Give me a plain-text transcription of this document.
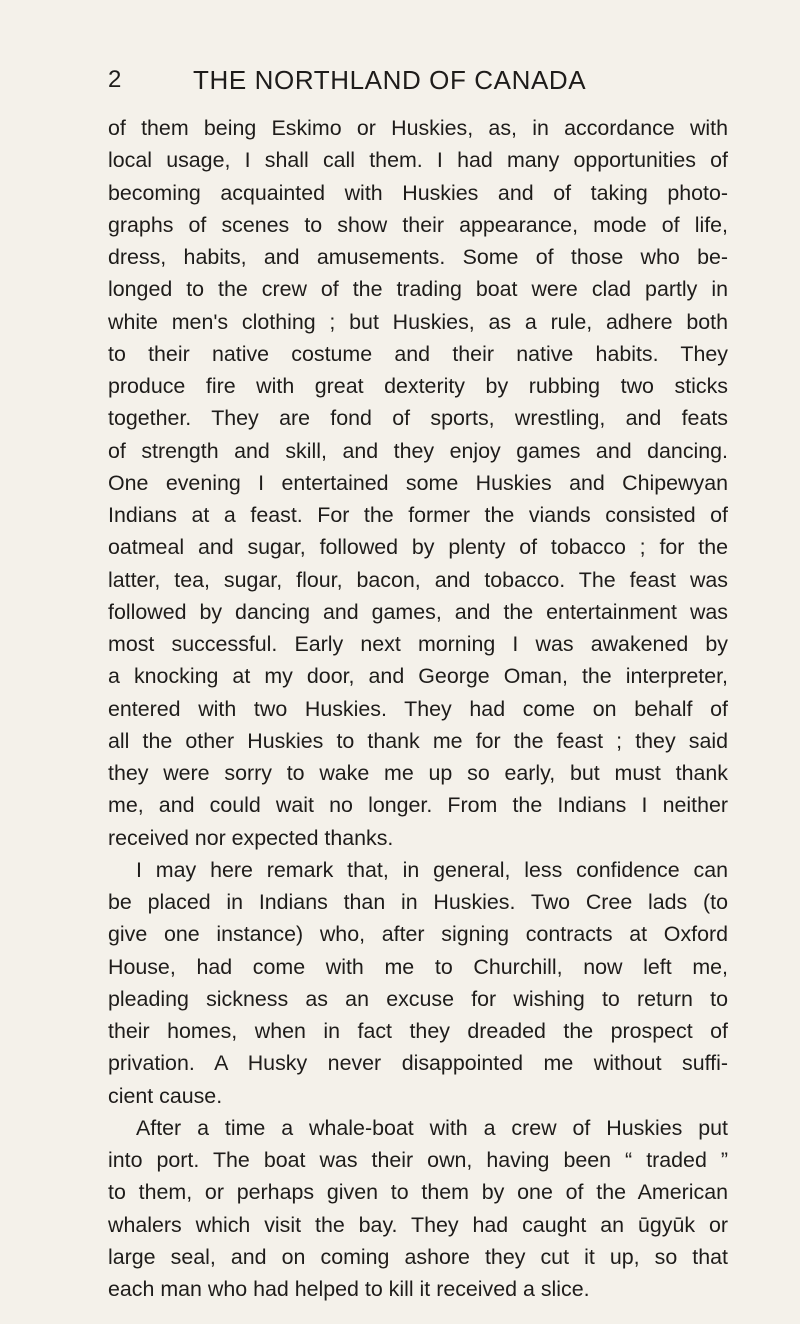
2	THE NORTHLAND OF CANADA
of them being Eskimo or Huskies, as, in accordance with
local usage, I shall call them. I had many opportunities of
becoming acquainted with Huskies and of taking photo-
graphs of scenes to show their appearance, mode of life,
dress, habits, and amusements. Some of those who be-
longed to the crew of the trading boat were clad partly in
white men's clothing ; but Huskies, as a rule, adhere both
to their native costume and their native habits. They
produce fire with great dexterity by rubbing two sticks
together. They are fond of sports, wrestling, and feats
of strength and skill, and they enjoy games and dancing.
One evening I entertained some Huskies and Chipewyan
Indians at a feast. For the former the viands consisted of
oatmeal and sugar, followed by plenty of tobacco ; for the
latter, tea, sugar, flour, bacon, and tobacco. The feast was
followed by dancing and games, and the entertainment was
most successful. Early next morning I was awakened by
a knocking at my door, and George Oman, the interpreter,
entered with two Huskies. They had come on behalf of
all the other Huskies to thank me for the feast ; they said
they were sorry to wake me up so early, but must thank
me, and could wait no longer. From the Indians I neither
received nor expected thanks.
I may here remark that, in general, less confidence can
be placed in Indians than in Huskies. Two Cree lads (to
give one instance) who, after signing contracts at Oxford
House, had come with me to Churchill, now left me,
pleading sickness as an excuse for wishing to return to
their homes, when in fact they dreaded the prospect of
privation. A Husky never disappointed me without suffi-
cient cause.
After a time a whale-boat with a crew of Huskies put
into port. The boat was their own, having been “ traded ”
to them, or perhaps given to them by one of the American
whalers which visit the bay. They had caught an ūgyūk or
large seal, and on coming ashore they cut it up, so that
each man who had helped to kill it received a slice.
